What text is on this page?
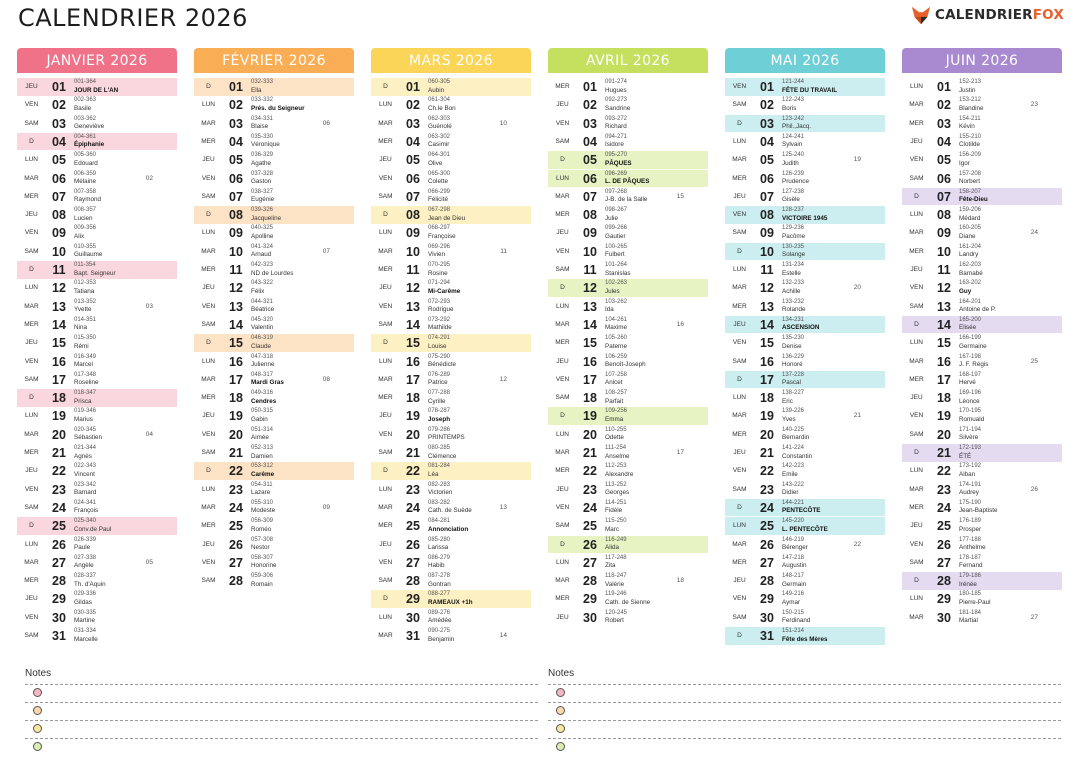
CALENDRIER 2026	CALENDRIERFOX
JANVIER 2026
JEU	01	001-364
JOUR DE L'AN
VEN	02	002-363
Basile
SAM	03	003-362
Geneviève
D	04	004-361
Épiphanie
LUN	05	005-360
Edouard
MAR	06	006-359
Mélaine	02
MER	07	007-358
Raymond
JEU	08	008-357
Lucien
VEN	09	009-356
Alix
SAM	10	010-355
Guillaume
D	11	011-354
Bapt. Seigneur
LUN	12	012-353
Tatiana
MAR	13	013-352
Yvette	03
MER	14	014-351
Nina
JEU	15	015-350
Rémi
VEN	16	016-349
Marcel
SAM	17	017-348
Roseline
D	18	018-347
Prisca
LUN	19	019-346
Marius
MAR	20	020-345
Sébastien	04
MER	21	021-344
Agnès
JEU	22	022-343
Vincent
VEN	23	023-342
Barnard
SAM	24	024-341
François
D	25	025-340
Conv.de Paul
LUN	26	026-339
Paule
MAR	27	027-338
Angèle	05
MER	28	028-337
Th. d'Aquin
JEU	29	029-336
Gildas
VEN	30	030-335
Martine
SAM	31	031-334
Marcelle
FÉVRIER 2026
D	01	032-333
Ella
LUN	02	033-332
Prés. du Seigneur
MAR	03	034-331
Blaise	06
MER	04	035-330
Véronique
JEU	05	036-329
Agathe
VEN	06	037-328
Gaston
SAM	07	038-327
Eugénie
D	08	039-326
Jacqueline
LUN	09	040-325
Apolline
MAR	10	041-324
Arnaud	07
MER	11	042-323
ND de Lourdes
JEU	12	043-322
Félix
VEN	13	044-321
Béatrice
SAM	14	045-320
Valentin
D	15	046-319
Claude
LUN	16	047-318
Julienne
MAR	17	048-317
Mardi Gras	08
MER	18	049-316
Cendres
JEU	19	050-315
Gabin
VEN	20	051-314
Aimée
SAM	21	052-313
Damien
D	22	053-312
Carême
LUN	23	054-311
Lazare
MAR	24	055-310
Modeste	09
MER	25	056-309
Roméo
JEU	26	057-308
Nestor
VEN	27	058-307
Honorine
SAM	28	059-306
Romain
MARS 2026
D	01	060-305
Aubin
LUN	02	061-304
Ch.le Bon
MAR	03	062-303
Guénolé	10
MER	04	063-302
Casimir
JEU	05	064-301
Olive
VEN	06	065-300
Colette
SAM	07	066-299
Félicité
D	08	067-298
Jean de Dieu
LUN	09	068-297
Françoise
MAR	10	069-296
Vivien	11
MER	11	070-295
Rosine
JEU	12	071-294
Mi-Carême
VEN	13	072-293
Rodrigue
SAM	14	073-292
Mathilde
D	15	074-291
Louise
LUN	16	075-290
Bénédicte
MAR	17	076-289
Patrice	12
MER	18	077-288
Cyrille
JEU	19	078-287
Joseph
VEN	20	079-286
PRINTEMPS
SAM	21	080-285
Clémence
D	22	081-284
Léa
LUN	23	082-283
Victorien
MAR	24	083-282
Cath. de Suède	13
MER	25	084-281
Annonciation
JEU	26	085-280
Larissa
VEN	27	086-279
Habib
SAM	28	087-278
Gontran
D	29	088-277
RAMEAUX +1h
LUN	30	089-276
Amédée
MAR	31	090-275
Benjamin	14
AVRIL 2026
MER	01	091-274
Hugues
JEU	02	092-273
Sandrine
VEN	03	093-272
Richard
SAM	04	094-271
Isidore
D	05	095-270
PÂQUES
LUN	06	096-269
L. DE PÂQUES
MAR	07	097-268
J-B. de la Salle	15
MER	08	098-267
Julie
JEU	09	099-266
Gautier
VEN	10	100-265
Fulbert
SAM	11	101-264
Stanislas
D	12	102-263
Jules
LUN	13	103-262
Ida
MAR	14	104-261
Maxime	16
MER	15	105-260
Paterne
JEU	16	106-259
Benoît-Joseph
VEN	17	107-258
Anicet
SAM	18	108-257
Parfait
D	19	109-256
Emma
LUN	20	110-255
Odette
MAR	21	111-254
Anselme	17
MER	22	112-253
Alexandre
JEU	23	113-252
Georges
VEN	24	114-251
Fidèle
SAM	25	115-250
Marc
D	26	116-249
Alida
LUN	27	117-248
Zita
MAR	28	118-247
Valérie	18
MER	29	119-246
Cath. de Sienne
JEU	30	120-245
Robert
MAI 2026
VEN	01	121-244
FÊTE DU TRAVAIL
SAM	02	122-243
Boris
D	03	123-242
Phil.,Jacq.
LUN	04	124-241
Sylvain
MAR	05	125-240
Judith	19
MER	06	126-239
Prudence
JEU	07	127-238
Gisèle
VEN	08	128-237
VICTOIRE 1945
SAM	09	129-236
Pacôme
D	10	130-235
Solange
LUN	11	131-234
Estelle
MAR	12	132-233
Achille	20
MER	13	133-232
Rolande
JEU	14	134-231
ASCENSION
VEN	15	135-230
Denise
SAM	16	136-229
Honoré
D	17	137-228
Pascal
LUN	18	138-227
Eric
MAR	19	139-226
Yves	21
MER	20	140-225
Bernardin
JEU	21	141-224
Constantin
VEN	22	142-223
Emile
SAM	23	143-222
Didier
D	24	144-221
PENTECÔTE
LUN	25	145-220
L. PENTECÔTE
MAR	26	146-219
Bérenger	22
MER	27	147-218
Augustin
JEU	28	148-217
Germain
VEN	29	149-216
Aymar
SAM	30	150-215
Ferdinand
D	31	151-214
Fête des Mères
JUIN 2026
LUN	01	152-213
Justin
MAR	02	153-212
Blandine	23
MER	03	154-211
Kévin
JEU	04	155-210
Clotilde
VEN	05	156-209
Igor
SAM	06	157-208
Norbert
D	07	158-207
Fête-Dieu
LUN	08	159-206
Médard
MAR	09	160-205
Diane	24
MER	10	161-204
Landry
JEU	11	162-203
Barnabé
VEN	12	163-202
Guy
SAM	13	164-201
Antoine de P.
D	14	165-200
Elisée
LUN	15	166-199
Germaine
MAR	16	167-198
J. F. Régis	25
MER	17	168-197
Hervé
JEU	18	169-196
Léonce
VEN	19	170-195
Romuald
SAM	20	171-194
Silvère
D	21	172-193
ÉTÉ
LUN	22	173-192
Alban
MAR	23	174-191
Audrey	26
MER	24	175-190
Jean-Baptiste
JEU	25	176-189
Prosper
VEN	26	177-188
Anthelme
SAM	27	178-187
Fernand
D	28	179-186
Irénée
LUN	29	180-185
Pierre-Paul
MAR	30	181-184
Martial	27
Notes	Notes
